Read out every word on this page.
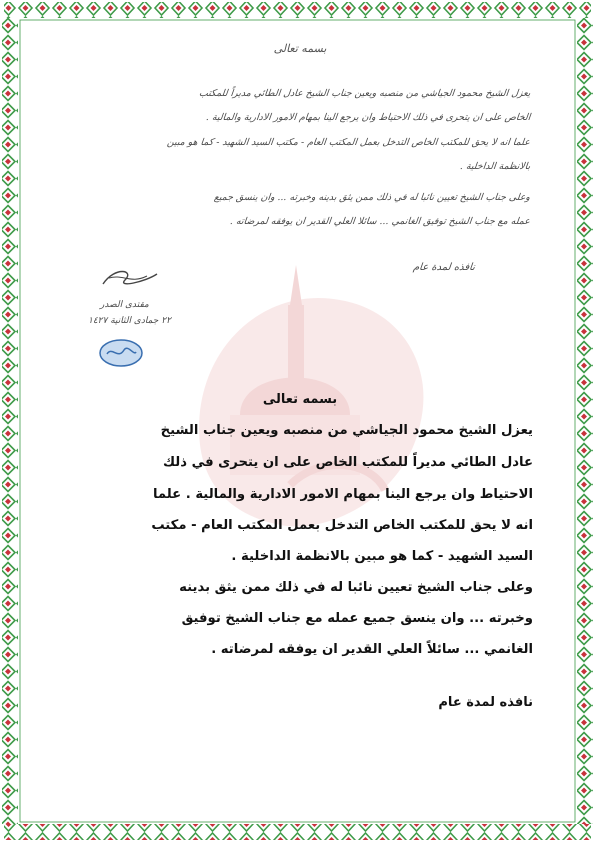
بسمه تعالى
يعزل الشيخ محمود الجياشي من منصبه ويعين جناب الشيخ عادل الطائي مديراً للمكتب
الخاص على ان يتحرى في ذلك الاحتياط وان يرجع الينا بمهام الامور الادارية والمالية .
علما انه لا يحق للمكتب الخاص التدخل بعمل المكتب العام - مكتب السيد الشهيد - كما هو مبين
بالانظمة الداخلية .
وعلى جناب الشيخ تعيين نائبا له في ذلك ممن يثق بدينه وخبرته ... وان ينسق جميع
عمله مع جناب الشيخ توفيق الغانمي ... سائلا العلي القدير ان يوفقه لمرضاته .
نافذه لمدة عام
مقتدى الصدر
٢٢ جمادى الثانية ١٤٢٧
بسمه تعالى
يعزل الشيخ محمود الجياشي من منصبه ويعين جناب الشيخ
عادل الطائي مديراً للمكتب الخاص على ان يتحرى في ذلك
الاحتياط وان يرجع الينا بمهام الامور الادارية والمالية . علما
انه لا يحق للمكتب الخاص التدخل بعمل المكتب العام - مكتب
السيد الشهيد - كما هو مبين بالانظمة الداخلية .
وعلى جناب الشيخ تعيين نائبا له في ذلك ممن يثق بدينه
وخبرته ... وان ينسق جميع عمله مع جناب الشيخ توفيق
الغانمي ... سائلاً العلي القدير ان يوفقه لمرضاته .
نافذه لمدة عام
